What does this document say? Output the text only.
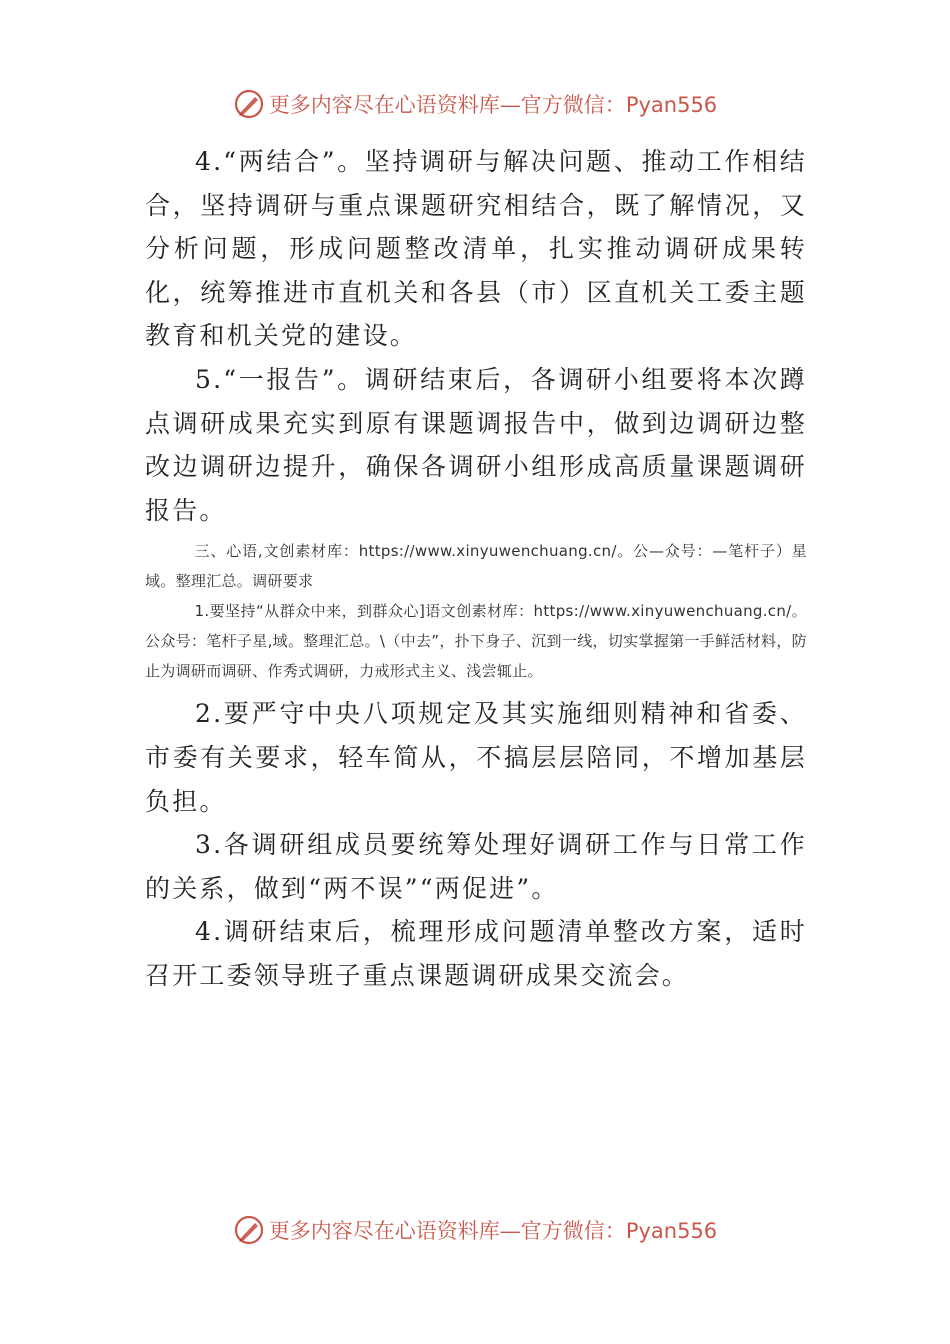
更多内容尽在心语资料库—官方微信：Pyan556

4.“两结合”。坚持调研与解决问题、推动工作相结合，坚持调研与重点课题研究相结合，既了解情况，又分析问题，形成问题整改清单，扎实推动调研成果转化，统筹推进市直机关和各县（市）区直机关工委主题教育和机关党的建设。

5.“一报告”。调研结束后，各调研小组要将本次蹲点调研成果充实到原有课题调报告中，做到边调研边整改边调研边提升，确保各调研小组形成高质量课题调研报告。

三、心语,文创素材库：https://www.xinyuwenchuang.cn/。公—众号：—笔杆子）星域。整理汇总。调研要求

1.要坚持“从群众中来，到群众心]语文创素材库：https://www.xinyuwenchuang.cn/。公众号：笔杆子星,域。整理汇总。\（中去”，扑下身子、沉到一线，切实掌握第一手鲜活材料，防止为调研而调研、作秀式调研，力戒形式主义、浅尝辄止。

2.要严守中央八项规定及其实施细则精神和省委、市委有关要求，轻车简从，不搞层层陪同，不增加基层负担。

3.各调研组成员要统筹处理好调研工作与日常工作的关系，做到“两不误”“两促进”。

4.调研结束后，梳理形成问题清单整改方案，适时召开工委领导班子重点课题调研成果交流会。

更多内容尽在心语资料库—官方微信：Pyan556
